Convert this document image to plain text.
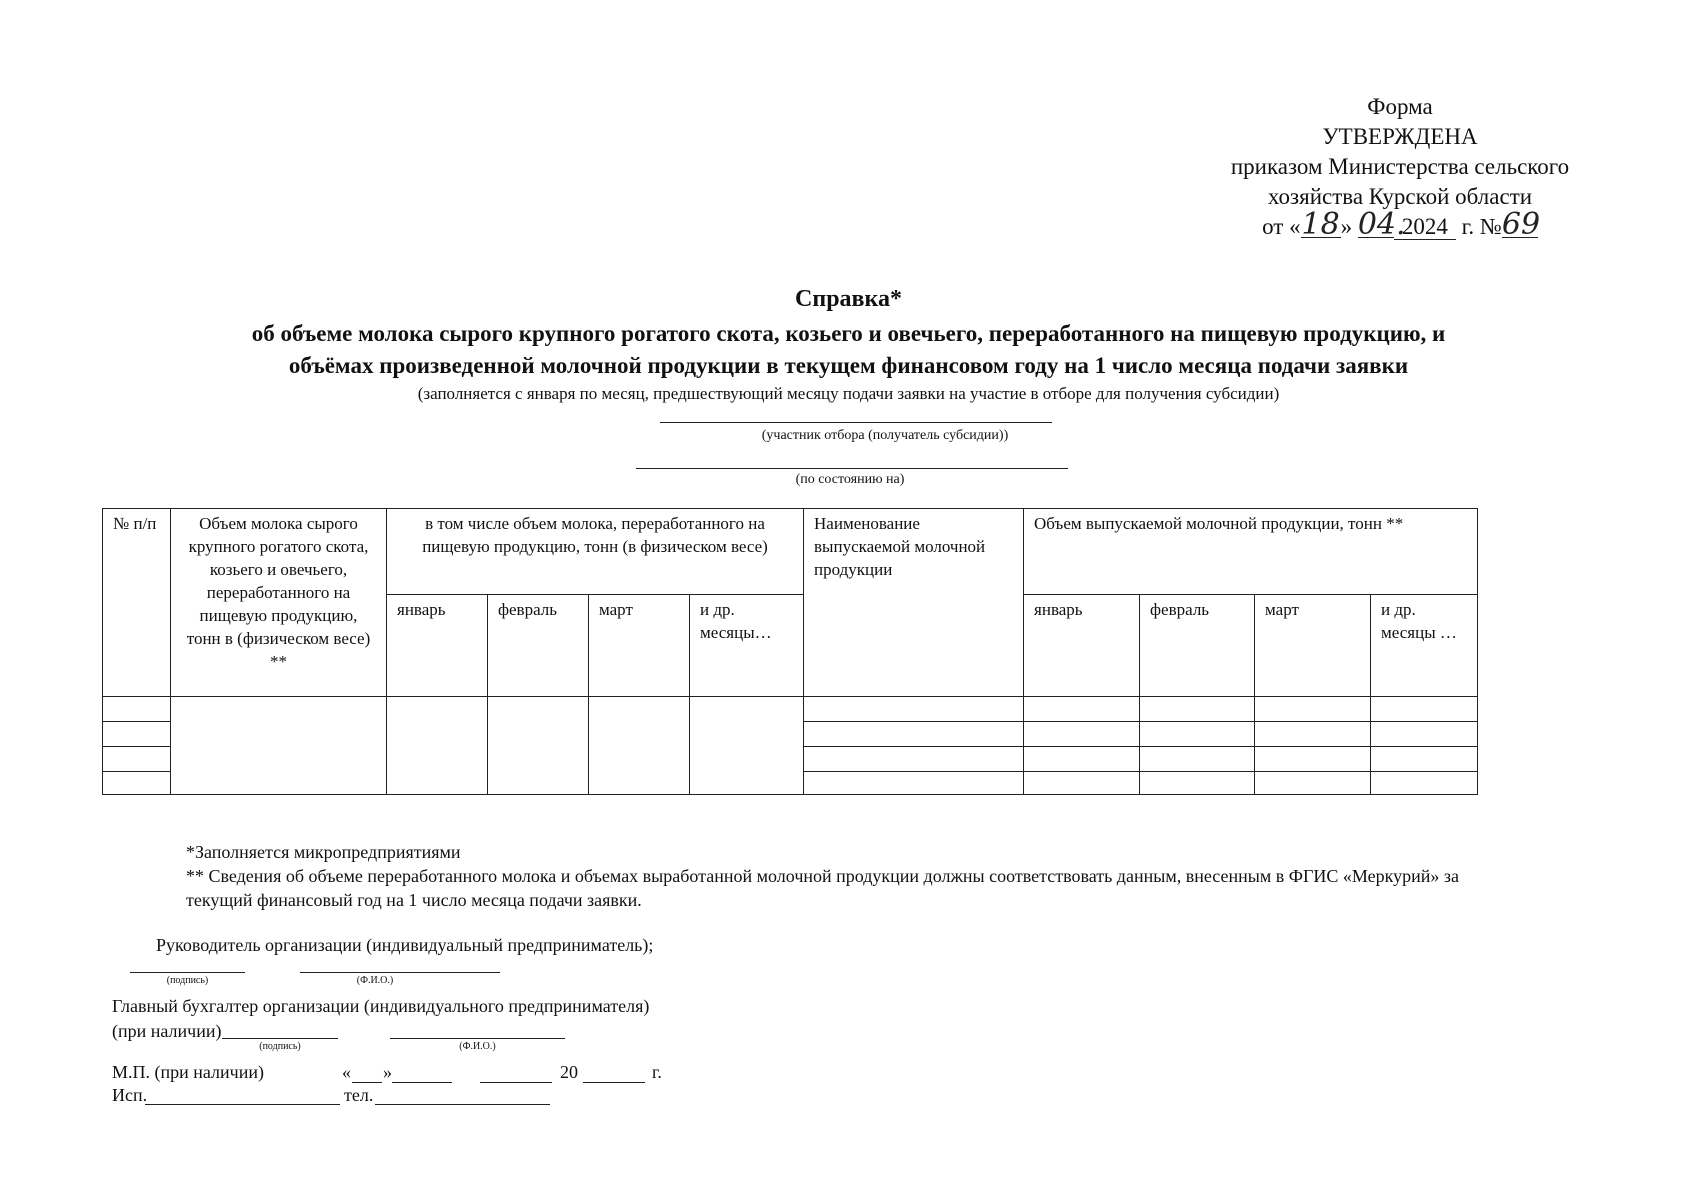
Форма
УТВЕРЖДЕНА
приказом Министерства сельского
хозяйства Курской области
от «18» 04.2024 г. №69
Справка*
об объеме молока сырого крупного рогатого скота, козьего и овечьего, переработанного на пищевую продукцию, и
объёмах произведенной молочной продукции в текущем финансовом году на 1 число месяца подачи заявки
(заполняется с января по месяц, предшествующий месяцу подачи заявки на участие в отборе для получения субсидии)
(участник отбора (получатель субсидии))
(по состоянию на)
№ п/п	Объем молока сырого крупного рогатого скота, козьего и овечьего, переработанного на пищевую продукцию, тонн в (физическом весе) **	в том числе объем молока, переработанного на пищевую продукцию, тонн (в физическом весе)				Наименование выпускаемой молочной продукции	Объем выпускаемой молочной продукции, тонн **			
		январь	февраль	март	и др. месяцы…		январь	февраль	март	и др. месяцы …

*Заполняется микропредприятиями
** Сведения об объеме переработанного молока и объемах выработанной молочной продукции должны соответствовать данным, внесенным в ФГИС «Меркурий» за
текущий финансовый год на 1 число месяца подачи заявки.
Руководитель организации (индивидуальный предприниматель);
(подпись)	(Ф.И.О.)
Главный бухгалтер организации (индивидуального предпринимателя)
(при наличии)
(подпись)	(Ф.И.О.)
М.П. (при наличии)	« »	20	г.
Исп.	тел.
